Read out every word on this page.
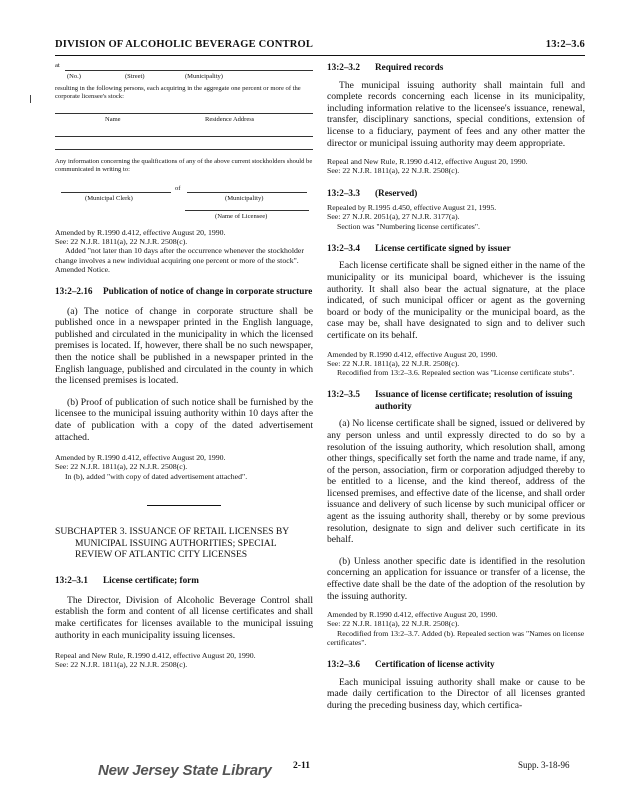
DIVISION OF ALCOHOLIC BEVERAGE CONTROL	13:2–3.6
at
(No.)	(Street)	(Municipality)

resulting in the following persons, each acquiring in the aggregate one percent or more of the corporate licensee's stock:

Name	Residence Address

Any information concerning the qualifications of any of the above current stockholders should be communicated in writing to:

of
(Municipal Clerk)	(Municipality)
(Name of Licensee)

Amended by R.1990 d.412, effective August 20, 1990.

See: 22 N.J.R. 1811(a), 22 N.J.R. 2508(c).

Added "not later than 10 days after the occurrence whenever the stockholder change involves a new individual acquiring one percent or more of the stock". Amended Notice.

13:2–2.16	Publication of notice of change in corporate structure

(a) The notice of change in corporate structure shall be published once in a newspaper printed in the English language, published and circulated in the municipality in which the licensed premises is located. If, however, there shall be no such newspaper, then the notice shall be published in a newspaper printed in the English language, published and circulated in the county in which the licensed premises is located.

(b) Proof of publication of such notice shall be furnished by the licensee to the municipal issuing authority within 10 days after the date of publication with a copy of the dated advertisement attached.

Amended by R.1990 d.412, effective August 20, 1990.

See: 22 N.J.R. 1811(a), 22 N.J.R. 2508(c).

In (b), added "with copy of dated advertisement attached".

SUBCHAPTER 3. ISSUANCE OF RETAIL LICENSES BY MUNICIPAL ISSUING AUTHORITIES; SPECIAL REVIEW OF ATLANTIC CITY LICENSES

13:2–3.1	License certificate; form

The Director, Division of Alcoholic Beverage Control shall establish the form and content of all license certificates and shall make certificates for licenses available to the municipal issuing authority in each municipality issuing licenses.

Repeal and New Rule, R.1990 d.412, effective August 20, 1990.

See: 22 N.J.R. 1811(a), 22 N.J.R. 2508(c).

13:2–3.2	Required records

The municipal issuing authority shall maintain full and complete records concerning each license in its municipality, including information relative to the licensee's issuance, renewal, transfer, disciplinary sanctions, special conditions, extension of license to a fiduciary, payment of fees and any other matter the director or municipal issuing authority may deem appropriate.

Repeal and New Rule, R.1990 d.412, effective August 20, 1990.

See: 22 N.J.R. 1811(a), 22 N.J.R. 2508(c).

13:2–3.3	(Reserved)

Repealed by R.1995 d.450, effective August 21, 1995.

See: 27 N.J.R. 2051(a), 27 N.J.R. 3177(a).

Section was "Numbering license certificates".

13:2–3.4	License certificate signed by issuer

Each license certificate shall be signed either in the name of the municipality or its municipal board, whichever is the issuing authority. It shall also bear the actual signature, at the place indicated, of such municipal officer or agent as the governing board or body of the municipality or the municipal board, as the case may be, shall have designated to sign and to deliver such certificate on its behalf.

Amended by R.1990 d.412, effective August 20, 1990.

See: 22 N.J.R. 1811(a), 22 N.J.R. 2508(c).

Recodified from 13:2–3.6. Repealed section was "License certificate stubs".

13:2–3.5	Issuance of license certificate; resolution of issuing authority

(a) No license certificate shall be signed, issued or delivered by any person unless and until expressly directed to do so by a resolution of the issuing authority, which resolution shall, among other things, specifically set forth the name and trade name, if any, of the person, association, firm or corporation adjudged thereby to be entitled to a license, and the kind thereof, address of the licensed premises, and effective date of the license, and shall order issuance and delivery of such license by such municipal officer or agent as the issuing authority shall, thereby or by some previous resolution, designate to sign and deliver such certificate in its behalf.

(b) Unless another specific date is identified in the resolution concerning an application for issuance or transfer of a license, the effective date shall be the date of the adoption of the resolution by the issuing authority.

Amended by R.1990 d.412, effective August 20, 1990.

See: 22 N.J.R. 1811(a), 22 N.J.R. 2508(c).

Recodified from 13:2–3.7. Added (b). Repealed section was "Names on license certificates".

13:2–3.6	Certification of license activity

Each municipal issuing authority shall make or cause to be made daily certification to the Director of all licenses granted during the preceding business day, which certifica-

New Jersey State Library 2-11	Supp. 3-18-96
